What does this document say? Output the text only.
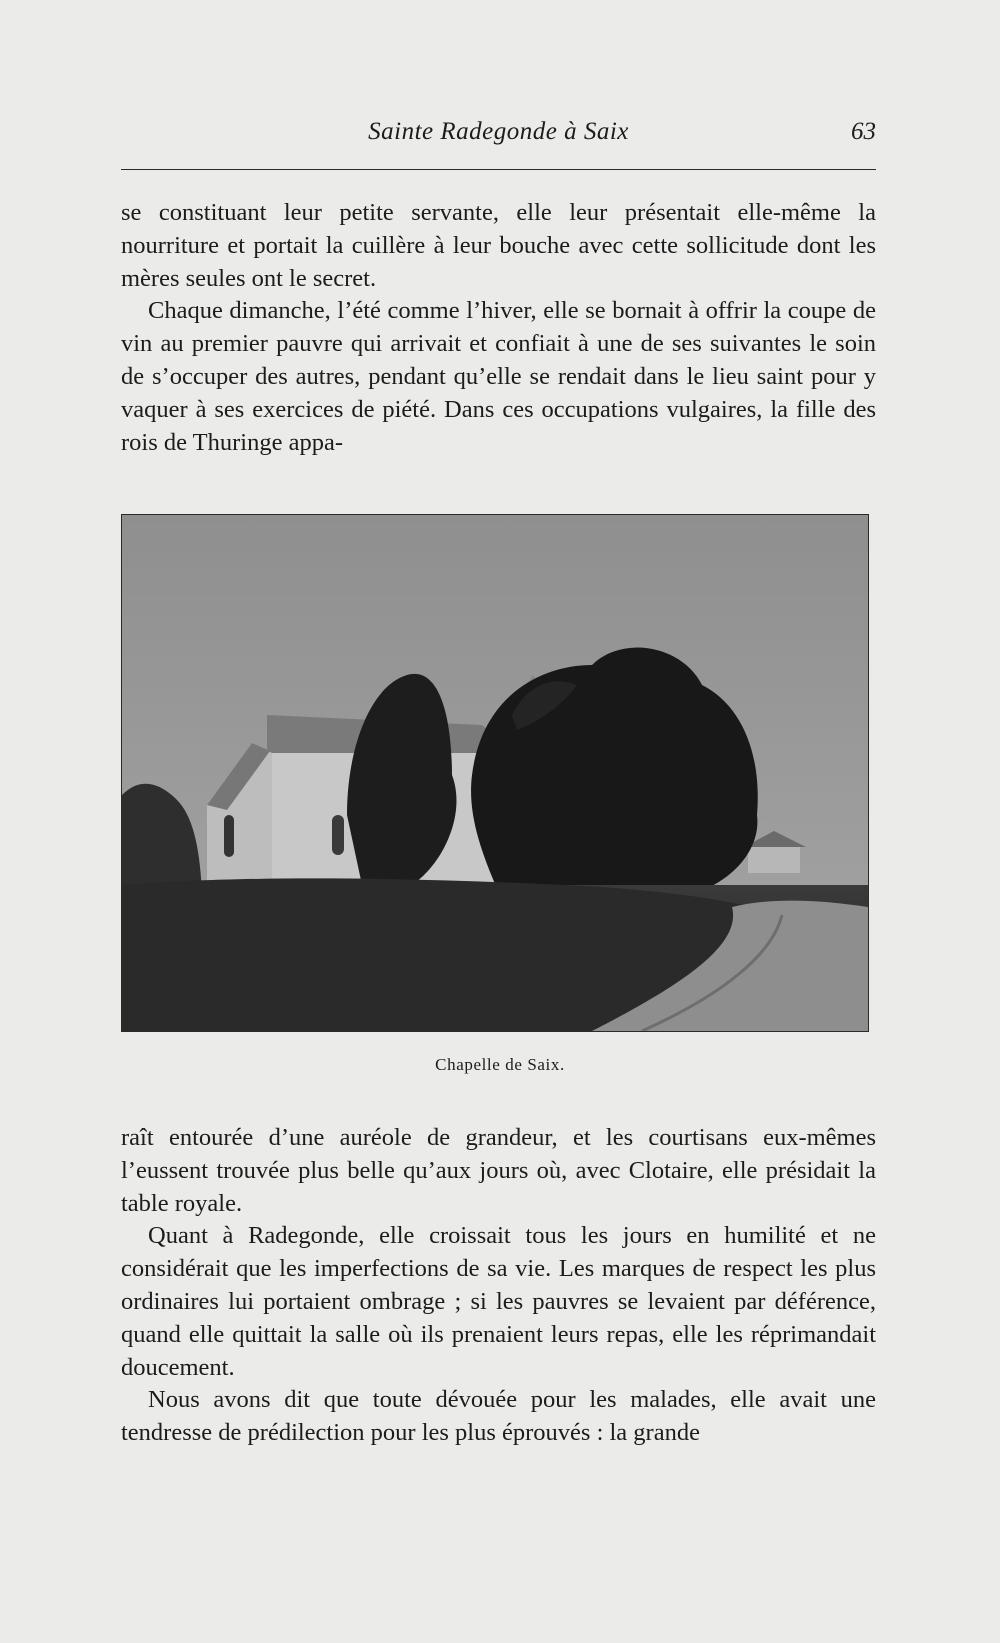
Sainte Radegonde à Saix	63

se constituant leur petite servante, elle leur présentait elle-même la nourriture et portait la cuillère à leur bouche avec cette sollicitude dont les mères seules ont le secret.

Chaque dimanche, l’été comme l’hiver, elle se bornait à offrir la coupe de vin au premier pauvre qui arrivait et confiait à une de ses suivantes le soin de s’occuper des autres, pendant qu’elle se rendait dans le lieu saint pour y vaquer à ses exercices de piété. Dans ces occupations vulgaires, la fille des rois de Thuringe appa-

Chapelle de Saix.

raît entourée d’une auréole de grandeur, et les courtisans eux-mêmes l’eussent trouvée plus belle qu’aux jours où, avec Clotaire, elle présidait la table royale.

Quant à Radegonde, elle croissait tous les jours en humilité et ne considérait que les imperfections de sa vie. Les marques de respect les plus ordinaires lui portaient ombrage ; si les pauvres se levaient par déférence, quand elle quittait la salle où ils prenaient leurs repas, elle les réprimandait doucement.

Nous avons dit que toute dévouée pour les malades, elle avait une tendresse de prédilection pour les plus éprouvés : la grande
